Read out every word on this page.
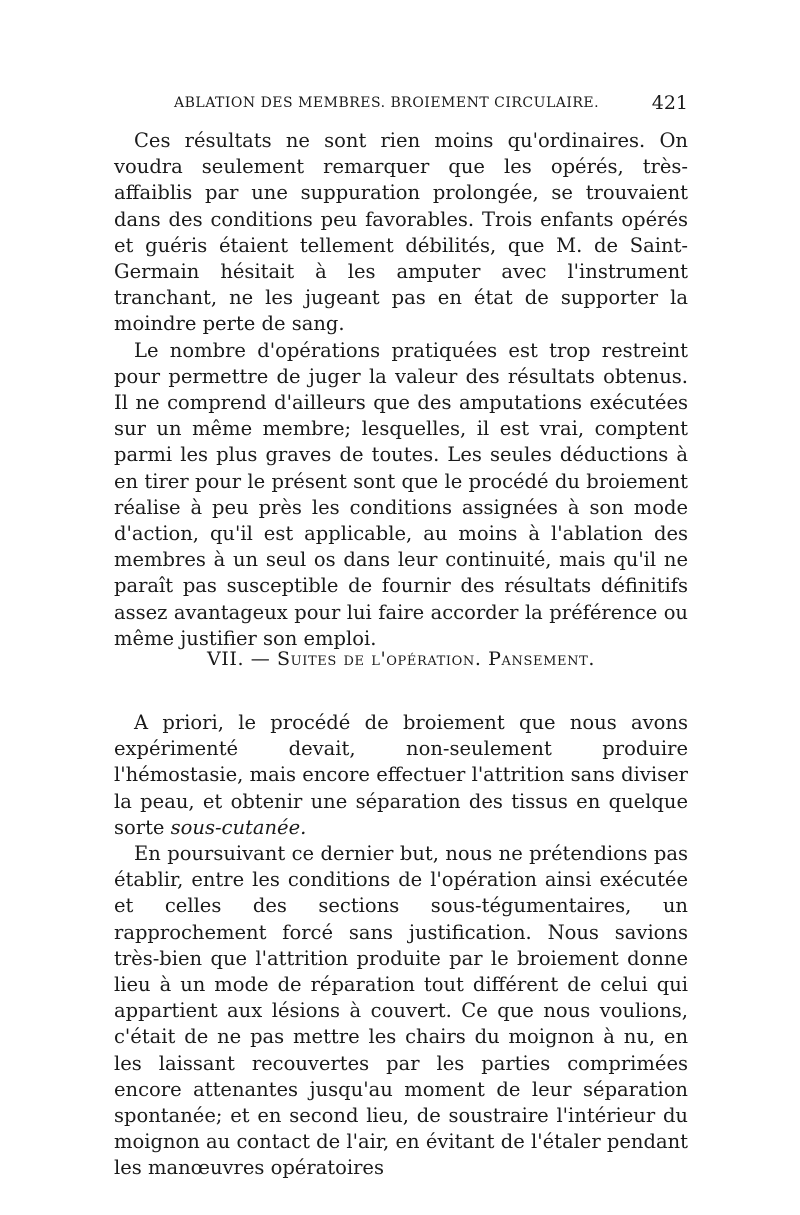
ABLATION DES MEMBRES. BROIEMENT CIRCULAIRE.	421

Ces résultats ne sont rien moins qu'ordinaires. On voudra seulement remarquer que les opérés, très-affaiblis par une suppuration prolongée, se trouvaient dans des conditions peu favorables. Trois enfants opérés et guéris étaient tellement débilités, que M. de Saint-Germain hésitait à les amputer avec l'instrument tranchant, ne les jugeant pas en état de supporter la moindre perte de sang.

Le nombre d'opérations pratiquées est trop restreint pour permettre de juger la valeur des résultats obtenus. Il ne comprend d'ailleurs que des amputations exécutées sur un même membre; lesquelles, il est vrai, comptent parmi les plus graves de toutes. Les seules déductions à en tirer pour le présent sont que le procédé du broiement réalise à peu près les conditions assignées à son mode d'action, qu'il est applicable, au moins à l'ablation des membres à un seul os dans leur continuité, mais qu'il ne paraît pas susceptible de fournir des résultats définitifs assez avantageux pour lui faire accorder la préférence ou même justifier son emploi.

VII. — Suites de l'opération. Pansement.

A priori, le procédé de broiement que nous avons expérimenté devait, non-seulement produire l'hémostasie, mais encore effectuer l'attrition sans diviser la peau, et obtenir une séparation des tissus en quelque sorte sous-cutanée.

En poursuivant ce dernier but, nous ne prétendions pas établir, entre les conditions de l'opération ainsi exécutée et celles des sections sous-tégumentaires, un rapprochement forcé sans justification. Nous savions très-bien que l'attrition produite par le broiement donne lieu à un mode de réparation tout différent de celui qui appartient aux lésions à couvert. Ce que nous voulions, c'était de ne pas mettre les chairs du moignon à nu, en les laissant recouvertes par les parties comprimées encore attenantes jusqu'au moment de leur séparation spontanée; et en second lieu, de soustraire l'intérieur du moignon au contact de l'air, en évitant de l'étaler pendant les manœuvres opératoires
